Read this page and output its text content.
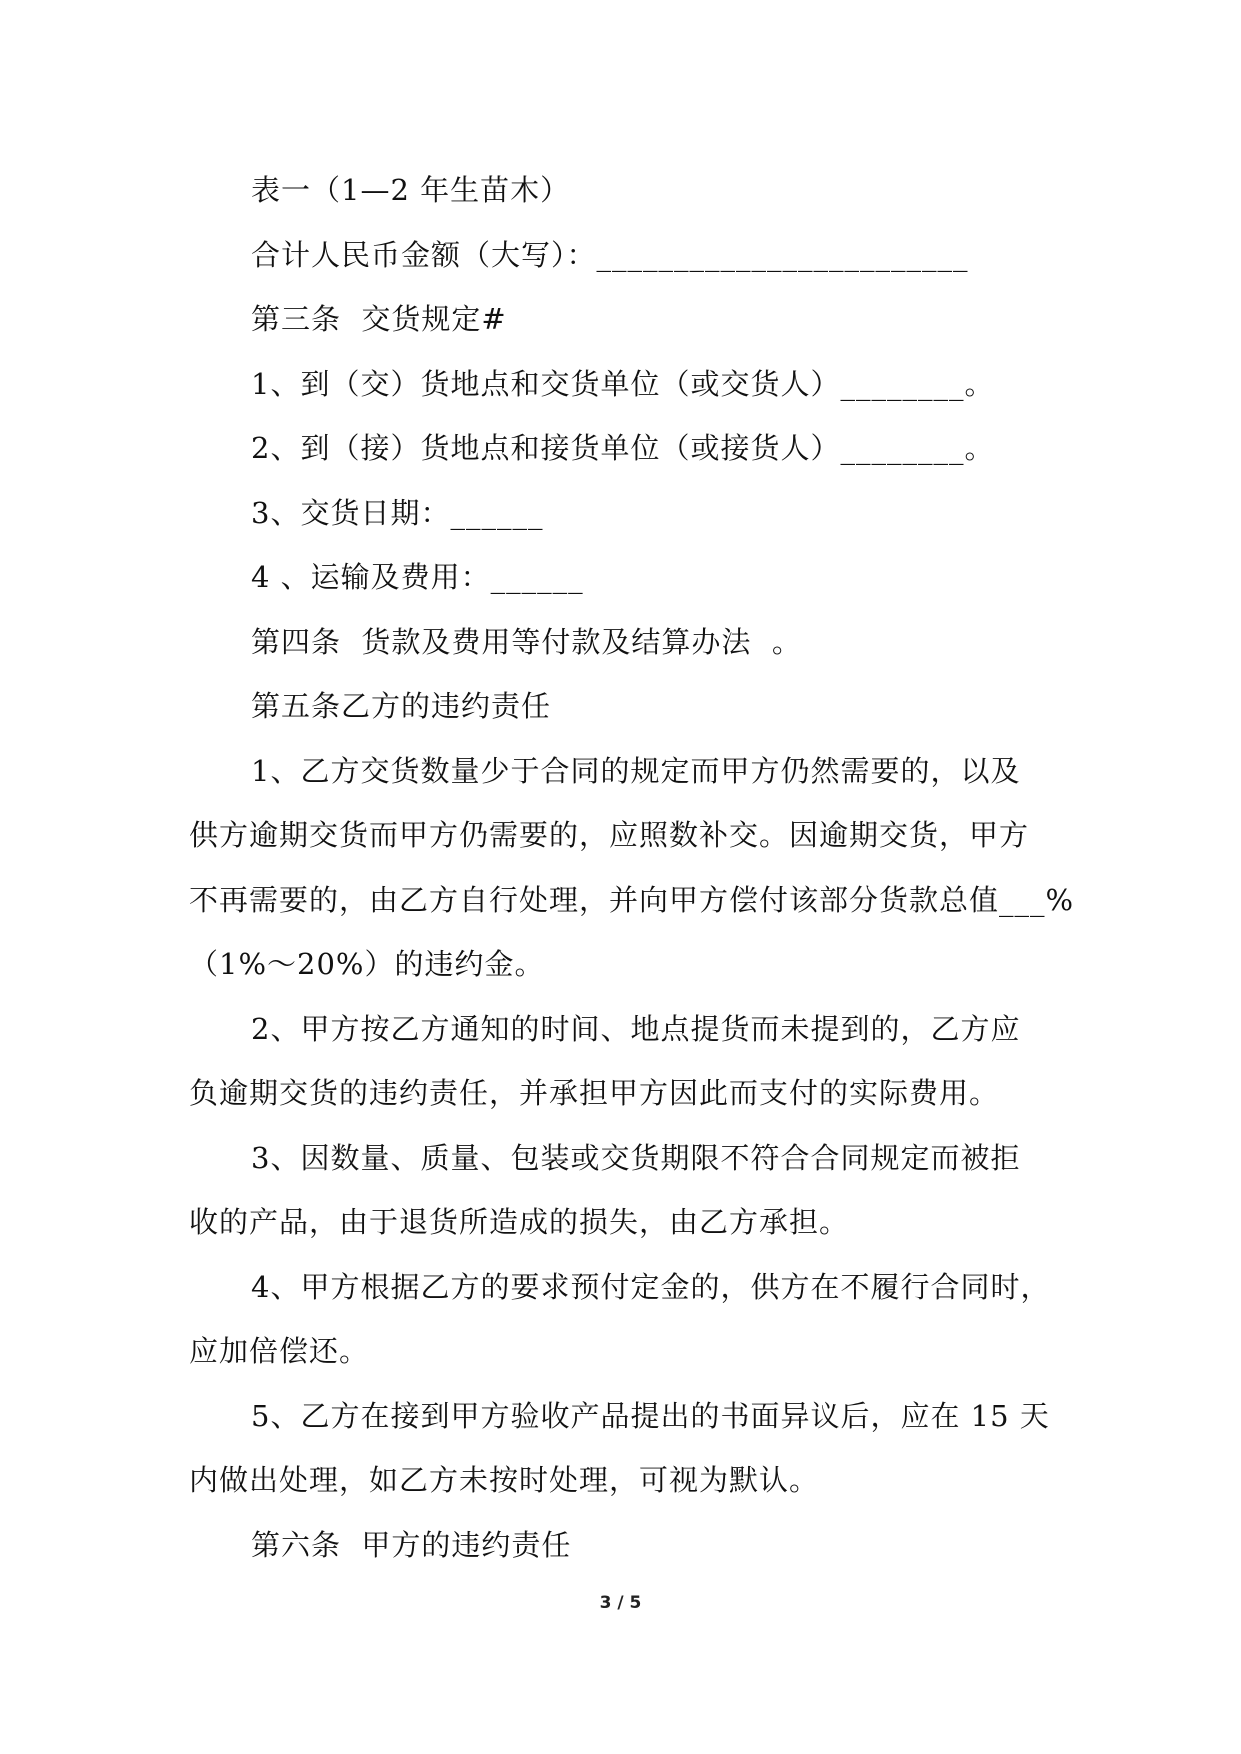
表一（1—2 年生苗木）
合计人民币金额（大写）：________________________
第三条  交货规定#
1、到（交）货地点和交货单位（或交货人）________。
2、到（接）货地点和接货单位（或接货人）________。
3、交货日期：______
4 、运输及费用：______
第四条  货款及费用等付款及结算办法  。
第五条乙方的违约责任
1、乙方交货数量少于合同的规定而甲方仍然需要的，以及
供方逾期交货而甲方仍需要的，应照数补交。因逾期交货，甲方
不再需要的，由乙方自行处理，并向甲方偿付该部分货款总值___%
（1%～20%）的违约金。
2、甲方按乙方通知的时间、地点提货而未提到的，乙方应
负逾期交货的违约责任，并承担甲方因此而支付的实际费用。
3、因数量、质量、包装或交货期限不符合合同规定而被拒
收的产品，由于退货所造成的损失，由乙方承担。
4、甲方根据乙方的要求预付定金的，供方在不履行合同时，
应加倍偿还。
5、乙方在接到甲方验收产品提出的书面异议后，应在 15 天
内做出处理，如乙方未按时处理，可视为默认。
第六条  甲方的违约责任
3 / 5
